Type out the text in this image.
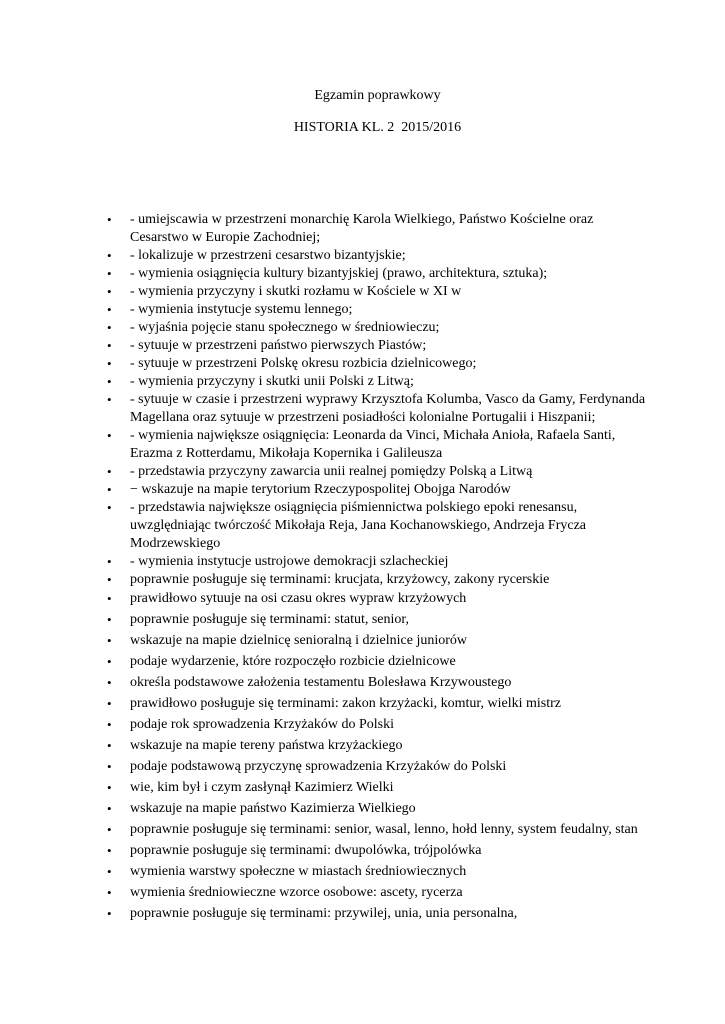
Egzamin poprawkowy
HISTORIA KL. 2  2015/2016
•	- umiejscawia w przestrzeni monarchię Karola Wielkiego, Państwo Kościelne oraz
Cesarstwo w Europie Zachodniej;
•	- lokalizuje w przestrzeni cesarstwo bizantyjskie;
•	- wymienia osiągnięcia kultury bizantyjskiej (prawo, architektura, sztuka);
•	- wymienia przyczyny i skutki rozłamu w Kościele w XI w
•	- wymienia instytucje systemu lennego;
•	- wyjaśnia pojęcie stanu społecznego w średniowieczu;
•	- sytuuje w przestrzeni państwo pierwszych Piastów;
•	- sytuuje w przestrzeni Polskę okresu rozbicia dzielnicowego;
•	- wymienia przyczyny i skutki unii Polski z Litwą;
•	- sytuuje w czasie i przestrzeni wyprawy Krzysztofa Kolumba, Vasco da Gamy, Ferdynanda
Magellana oraz sytuuje w przestrzeni posiadłości kolonialne Portugalii i Hiszpanii;
•	- wymienia największe osiągnięcia: Leonarda da Vinci, Michała Anioła, Rafaela Santi,
Erazma z Rotterdamu, Mikołaja Kopernika i Galileusza
•	- przedstawia przyczyny zawarcia unii realnej pomiędzy Polską a Litwą
•	− wskazuje na mapie terytorium Rzeczypospolitej Obojga Narodów
•	- przedstawia największe osiągnięcia piśmiennictwa polskiego epoki renesansu,
uwzględniając twórczość Mikołaja Reja, Jana Kochanowskiego, Andrzeja Frycza
Modrzewskiego
•	- wymienia instytucje ustrojowe demokracji szlacheckiej
•	poprawnie posługuje się terminami: krucjata, krzyżowcy, zakony rycerskie
•	prawidłowo sytuuje na osi czasu okres wypraw krzyżowych
•	poprawnie posługuje się terminami: statut, senior,
•	wskazuje na mapie dzielnicę senioralną i dzielnice juniorów
•	podaje wydarzenie, które rozpoczęło rozbicie dzielnicowe
•	określa podstawowe założenia testamentu Bolesława Krzywoustego
•	prawidłowo posługuje się terminami: zakon krzyżacki, komtur, wielki mistrz
•	podaje rok sprowadzenia Krzyżaków do Polski
•	wskazuje na mapie tereny państwa krzyżackiego
•	podaje podstawową przyczynę sprowadzenia Krzyżaków do Polski
•	wie, kim był i czym zasłynął Kazimierz Wielki
•	wskazuje na mapie państwo Kazimierza Wielkiego
•	poprawnie posługuje się terminami: senior, wasal, lenno, hołd lenny, system feudalny, stan
•	poprawnie posługuje się terminami: dwupolówka, trójpolówka
•	wymienia warstwy społeczne w miastach średniowiecznych
•	wymienia średniowieczne wzorce osobowe: ascety, rycerza
•	poprawnie posługuje się terminami: przywilej, unia, unia personalna,
